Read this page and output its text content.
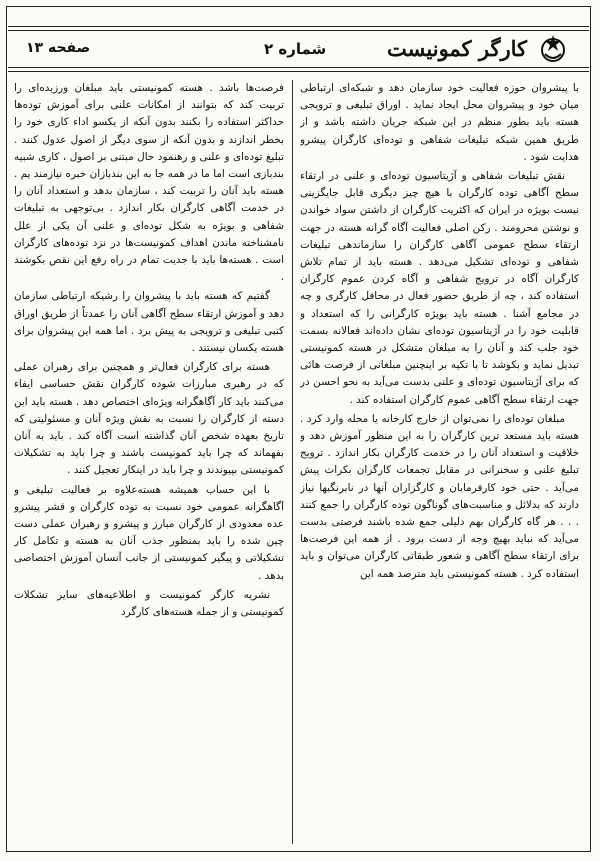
کارگر کمونیست
شماره ۲
صفحه ۱۳

با پیشروان حوزه فعالیت خود سازمان دهد و شبکه‌ای ارتباطی میان خود و پیشروان محل ایجاد نماید . اوراق تبلیغی و ترویجی هسته باید بطور منظم در این شبکه جریان داشته باشد و از طریق همین شبکه تبلیغات شفاهی و توده‌ای کارگران پیشرو هدایت شود .

نقش تبلیغات شفاهی و آژیتاسیون توده‌ای و علنی در ارتقاء سطح آگاهی توده کارگران با هیچ چیز دیگری قابل جایگزینی نیست بویژه در ایران که اکثریت کارگران از داشتن سواد خواندن و نوشتن محرومند . رکن اصلی فعالیت آگاه گرانه هسته در جهت ارتقاء سطح عمومی آگاهی کارگران را سازماندهی تبلیغات شفاهی و توده‌ای تشکیل می‌دهد . هسته باید از تمام تلاش کارگران آگاه در ترویج شفاهی و آگاه کردن عموم کارگران استفاده کند ، چه از طریق حضور فعال در محافل کارگری و چه در مجامع آشنا . هسته باید بویژه کارگرانی را که استعداد و قابلیت خود را در آژیتاسیون توده‌ای نشان داده‌اند فعالانه بسمت خود جلب کند و آنان را به مبلغان متشکل در هسته کمونیستی تبدیل نماید و بکوشد تا با تکیه بر اینچنین مبلغانی از فرصت هائی که برای آژیتاسیون توده‌ای و علنی بدست می‌آید به نحو احسن در جهت ارتقاء سطح آگاهی عموم کارگران استفاده کند .

مبلغان توده‌ای را نمی‌توان از خارج کارخانه یا محله وارد کرد . هسته باید مستعد ترین کارگران را به این منظور آموزش دهد و خلاقیت و استعداد آنان را در خدمت کارگران بکار اندازد . ترویج تبلیغ علنی و سخنرانی در مقابل تجمعات کارگران بکرات پیش می‌آید . حتی خود کارفرمایان و کارگزاران آنها در نابرنگبها نیاز دارند که بدلائل و مناسبت‌های گوناگون توده کارگران را جمع کنند . . . هر گاه کارگران بهم دلیلی جمع شده باشند فرصتی بدست می‌آید که نباید بهیچ وجه از دست برود . از همه این فرصت‌ها برای ارتقاء سطح آگاهی و شعور طبقاتی کارگران می‌توان و باید استفاده کرد . هسته کمونیستی باید مترصد همه این

فرصت‌ها باشد . هسته کمونیستی باید مبلغان ورزیده‌ای را تربیت کند که بتوانند از امکانات علنی برای آموزش توده‌ها حداکثر استفاده را بکنند بدون آنکه از یکسو اداء کاری خود را بخطر اندازند و بدون آنکه از سوی دیگر از اصول عدول کنند . تبلیغ توده‌ای و علنی و رهنمود حال مبتنی بر اصول ، کاری شبیه بندبازی است اما ما در همه جا به این بندبازان خبره نیازمند یم . هسته باید آنان را تربیت کند ، سازمان بدهد و استعداد آنان را در خدمت آگاهی کارگران بکار اندازد . بی‌توجهی به تبلیغات شفاهی و بویژه به شکل توده‌ای و علنی آن یکی از علل نامشناخته ماندن اهداف کمونیست‌ها در نزد توده‌های کارگران است . هسته‌ها باید با جدیت تمام در راه رفع این نقص بکوشند .

گفتیم که هسته باید با پیشروان را رشیکه ارتباطی سازمان دهد و آموزش ارتقاء سطح آگاهی آنان را عمدتاً از طریق اوراق کتبی تبلیغی و ترویجی به پیش برد . اما همه این پیشروان برای هسته یکسان نیستند .

هسته برای کارگران فعال‌تر و همچنین برای رهبران عملی که در رهبری مبارزات شوده کارگران نقش حساسی ایفاء می‌کنند باید کار آگاهگرانه ویژه‌ای اختصاص دهد . هسته باید این دسته از کارگران را نسبت به نقش ویژه آنان و مسئولیتی که تاریخ بعهده شخص آنان گذاشته است آگاه کند . باید به آنان بفهماند که چرا باید کمونیست باشند و چرا باید به تشکیلات کمونیستی بپیوندند و چرا باید در اینکار تعجیل کنند .

با این حساب همیشه هسته‌علاوه بر فعالیت تبلیغی و آگاهگرانه عمومی خود نسبت به توده کارگران و قشر پیشرو عده معدودی از کارگران مبارز و پیشرو و رهبران عملی دست چین شده را باید بمنظور جذب آنان به هسته و تکامل کار تشکیلاتی و پیگیر کمونیستی از جانب آنسان آموزش اختصاصی بدهد .

نشریه کارگر کمونیست و اطلاعیه‌های سایر تشکلات کمونیستی و از جمله هسته‌های کارگرد
